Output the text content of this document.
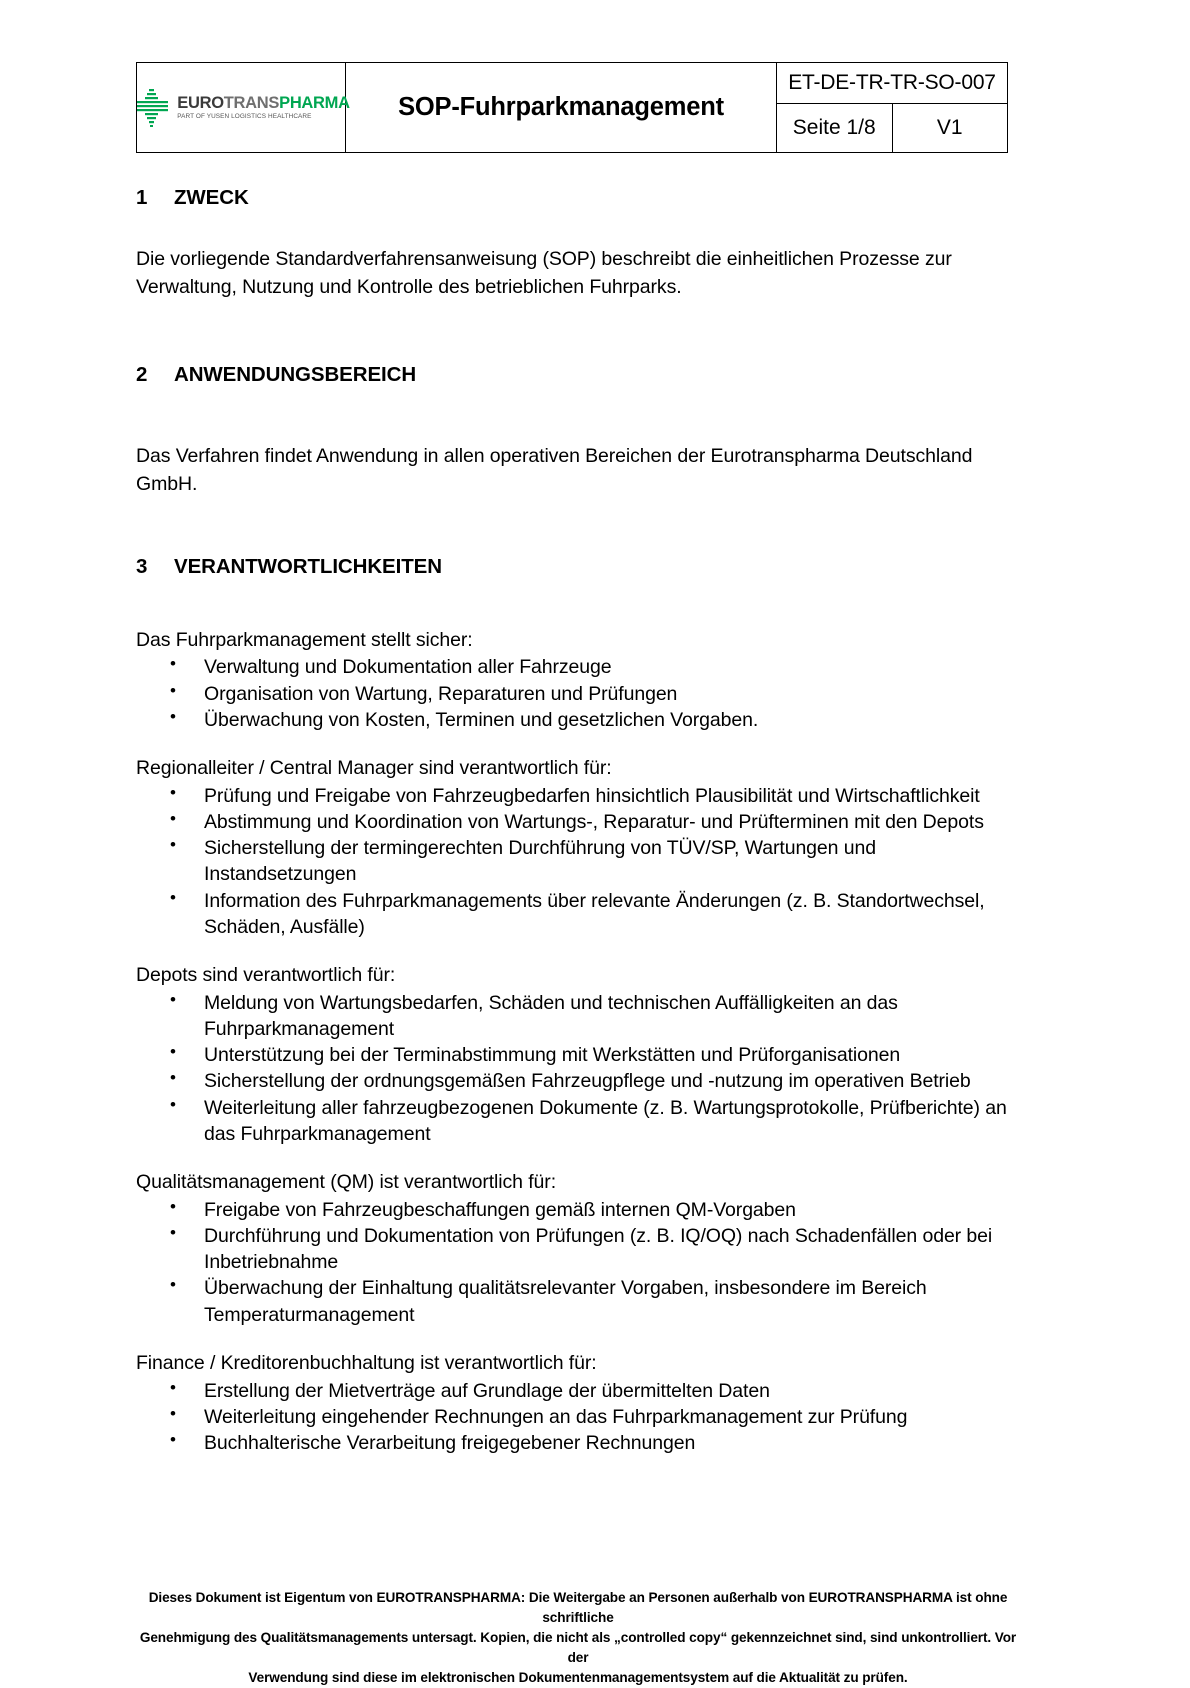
EUROTRANSPHARMA
PART OF YUSEN LOGISTICS HEALTHCARE	SOP-Fuhrparkmanagement	ET-DE-TR-TR-SO-007	
		Seite 1/8	V1
1	ZWECK

Die vorliegende Standardverfahrensanweisung (SOP) beschreibt die einheitlichen Prozesse zur Verwaltung, Nutzung und Kontrolle des betrieblichen Fuhrparks.

2	ANWENDUNGSBEREICH

Das Verfahren findet Anwendung in allen operativen Bereichen der Eurotranspharma Deutschland GmbH.

3	VERANTWORTLICHKEITEN

Das Fuhrparkmanagement stellt sicher:

• Verwaltung und Dokumentation aller Fahrzeuge
• Organisation von Wartung, Reparaturen und Prüfungen
• Überwachung von Kosten, Terminen und gesetzlichen Vorgaben.

Regionalleiter / Central Manager sind verantwortlich für:

• Prüfung und Freigabe von Fahrzeugbedarfen hinsichtlich Plausibilität und Wirtschaftlichkeit
• Abstimmung und Koordination von Wartungs-, Reparatur- und Prüfterminen mit den Depots
• Sicherstellung der termingerechten Durchführung von TÜV/SP, Wartungen und Instandsetzungen
• Information des Fuhrparkmanagements über relevante Änderungen (z. B. Standortwechsel, Schäden, Ausfälle)

Depots sind verantwortlich für:

• Meldung von Wartungsbedarfen, Schäden und technischen Auffälligkeiten an das Fuhrparkmanagement
• Unterstützung bei der Terminabstimmung mit Werkstätten und Prüforganisationen
• Sicherstellung der ordnungsgemäßen Fahrzeugpflege und -nutzung im operativen Betrieb
• Weiterleitung aller fahrzeugbezogenen Dokumente (z. B. Wartungsprotokolle, Prüfberichte) an das Fuhrparkmanagement

Qualitätsmanagement (QM) ist verantwortlich für:

• Freigabe von Fahrzeugbeschaffungen gemäß internen QM-Vorgaben
• Durchführung und Dokumentation von Prüfungen (z. B. IQ/OQ) nach Schadenfällen oder bei Inbetriebnahme
• Überwachung der Einhaltung qualitätsrelevanter Vorgaben, insbesondere im Bereich Temperaturmanagement

Finance / Kreditorenbuchhaltung ist verantwortlich für:

• Erstellung der Mietverträge auf Grundlage der übermittelten Daten
• Weiterleitung eingehender Rechnungen an das Fuhrparkmanagement zur Prüfung
• Buchhalterische Verarbeitung freigegebener Rechnungen
Dieses Dokument ist Eigentum von EUROTRANSPHARMA: Die Weitergabe an Personen außerhalb von EUROTRANSPHARMA ist ohne schriftliche
Genehmigung des Qualitätsmanagements untersagt. Kopien, die nicht als „controlled copy“ gekennzeichnet sind, sind unkontrolliert. Vor der
Verwendung sind diese im elektronischen Dokumentenmanagementsystem auf die Aktualität zu prüfen.
